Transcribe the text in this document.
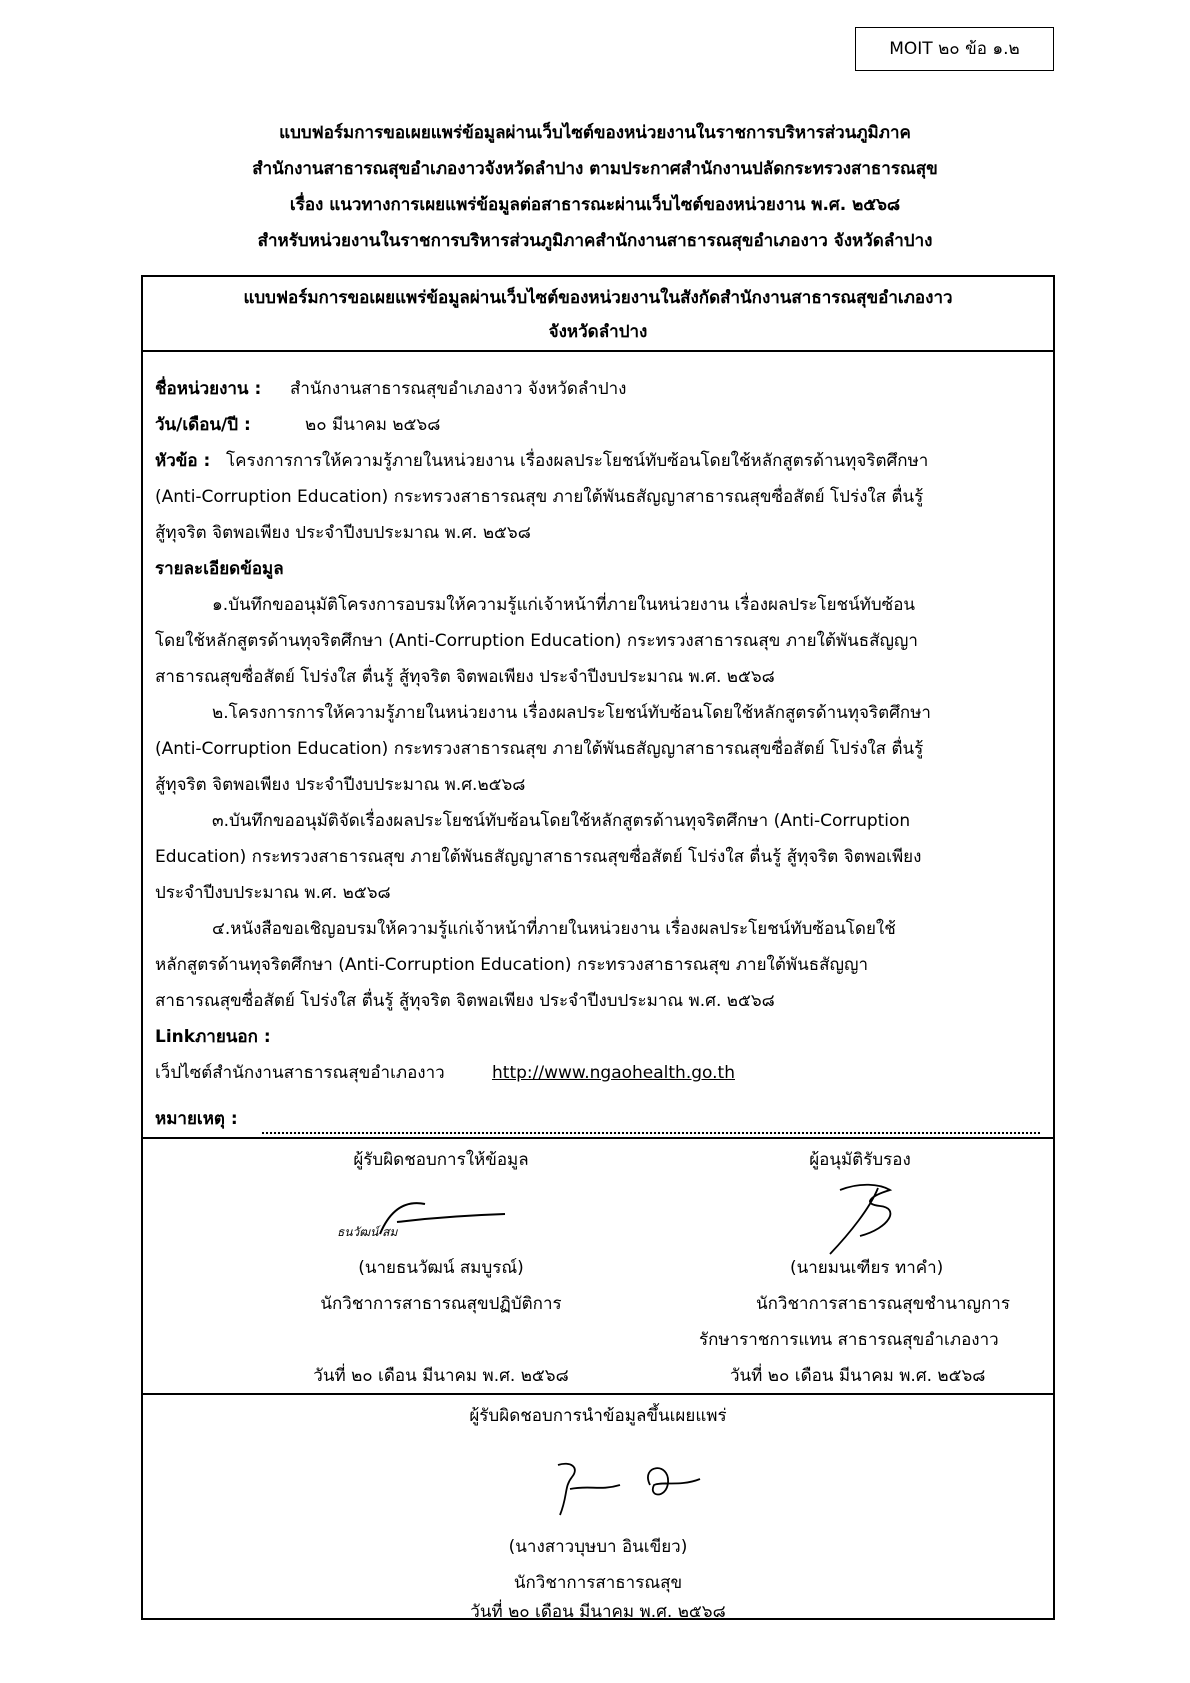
MOIT ๒๐ ข้อ ๑.๒
แบบฟอร์มการขอเผยแพร่ข้อมูลผ่านเว็บไซต์ของหน่วยงานในราชการบริหารส่วนภูมิภาค
สำนักงานสาธารณสุขอำเภองาวจังหวัดลำปาง ตามประกาศสำนักงานปลัดกระทรวงสาธารณสุข
เรื่อง แนวทางการเผยแพร่ข้อมูลต่อสาธารณะผ่านเว็บไซต์ของหน่วยงาน พ.ศ. ๒๕๖๘
สำหรับหน่วยงานในราชการบริหารส่วนภูมิภาคสำนักงานสาธารณสุขอำเภองาว จังหวัดลำปาง
แบบฟอร์มการขอเผยแพร่ข้อมูลผ่านเว็บไซต์ของหน่วยงานในสังกัดสำนักงานสาธารณสุขอำเภองาว
จังหวัดลำปาง
ชื่อหน่วยงาน : สำนักงานสาธารณสุขอำเภองาว จังหวัดลำปาง
วัน/เดือน/ปี :	๒๐ มีนาคม ๒๕๖๘
หัวข้อ : โครงการการให้ความรู้ภายในหน่วยงาน เรื่องผลประโยชน์ทับซ้อนโดยใช้หลักสูตรด้านทุจริตศึกษา
(Anti-Corruption Education) กระทรวงสาธารณสุข ภายใต้พันธสัญญาสาธารณสุขซื่อสัตย์ โปร่งใส ตื่นรู้
สู้ทุจริต จิตพอเพียง ประจำปีงบประมาณ พ.ศ. ๒๕๖๘
รายละเอียดข้อมูล
๑.บันทึกขออนุมัติโครงการอบรมให้ความรู้แก่เจ้าหน้าที่ภายในหน่วยงาน เรื่องผลประโยชน์ทับซ้อน
โดยใช้หลักสูตรด้านทุจริตศึกษา (Anti-Corruption Education) กระทรวงสาธารณสุข ภายใต้พันธสัญญา
สาธารณสุขซื่อสัตย์ โปร่งใส ตื่นรู้ สู้ทุจริต จิตพอเพียง ประจำปีงบประมาณ พ.ศ. ๒๕๖๘
๒.โครงการการให้ความรู้ภายในหน่วยงาน เรื่องผลประโยชน์ทับซ้อนโดยใช้หลักสูตรด้านทุจริตศึกษา
(Anti-Corruption Education) กระทรวงสาธารณสุข ภายใต้พันธสัญญาสาธารณสุขซื่อสัตย์ โปร่งใส ตื่นรู้
สู้ทุจริต จิตพอเพียง ประจำปีงบประมาณ พ.ศ.๒๕๖๘
๓.บันทึกขออนุมัติจัดเรื่องผลประโยชน์ทับซ้อนโดยใช้หลักสูตรด้านทุจริตศึกษา (Anti-Corruption
Education) กระทรวงสาธารณสุข ภายใต้พันธสัญญาสาธารณสุขซื่อสัตย์ โปร่งใส ตื่นรู้ สู้ทุจริต จิตพอเพียง
ประจำปีงบประมาณ พ.ศ. ๒๕๖๘
๔.หนังสือขอเชิญอบรมให้ความรู้แก่เจ้าหน้าที่ภายในหน่วยงาน เรื่องผลประโยชน์ทับซ้อนโดยใช้
หลักสูตรด้านทุจริตศึกษา (Anti-Corruption Education) กระทรวงสาธารณสุข ภายใต้พันธสัญญา
สาธารณสุขซื่อสัตย์ โปร่งใส ตื่นรู้ สู้ทุจริต จิตพอเพียง ประจำปีงบประมาณ พ.ศ. ๒๕๖๘
Linkภายนอก :
เว็ปไซต์สำนักงานสาธารณสุขอำเภองาว	http://www.ngaohealth.go.th
หมายเหตุ :
ผู้รับผิดชอบการให้ข้อมูล
ธนวัฒน์ สม
(นายธนวัฒน์ สมบูรณ์)
นักวิชาการสาธารณสุขปฏิบัติการ
วันที่ ๒๐ เดือน มีนาคม พ.ศ. ๒๕๖๘
ผู้อนุมัติรับรอง
(นายมนเฑียร ทาคำ)
นักวิชาการสาธารณสุขชำนาญการ
รักษาราชการแทน สาธารณสุขอำเภองาว
วันที่ ๒๐ เดือน มีนาคม พ.ศ. ๒๕๖๘
ผู้รับผิดชอบการนำข้อมูลขึ้นเผยแพร่
(นางสาวบุษบา อินเขียว)
นักวิชาการสาธารณสุข
วันที่ ๒๐ เดือน มีนาคม พ.ศ. ๒๕๖๘
